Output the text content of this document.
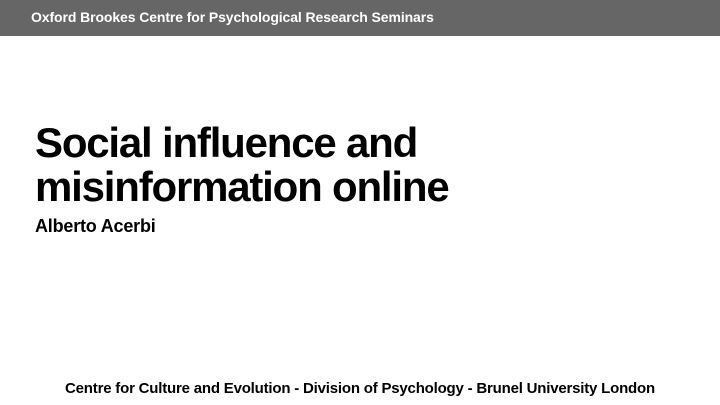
Oxford Brookes Centre for Psychological Research Seminars
Social influence and
misinformation online
Alberto Acerbi
Centre for Culture and Evolution - Division of Psychology - Brunel University London
